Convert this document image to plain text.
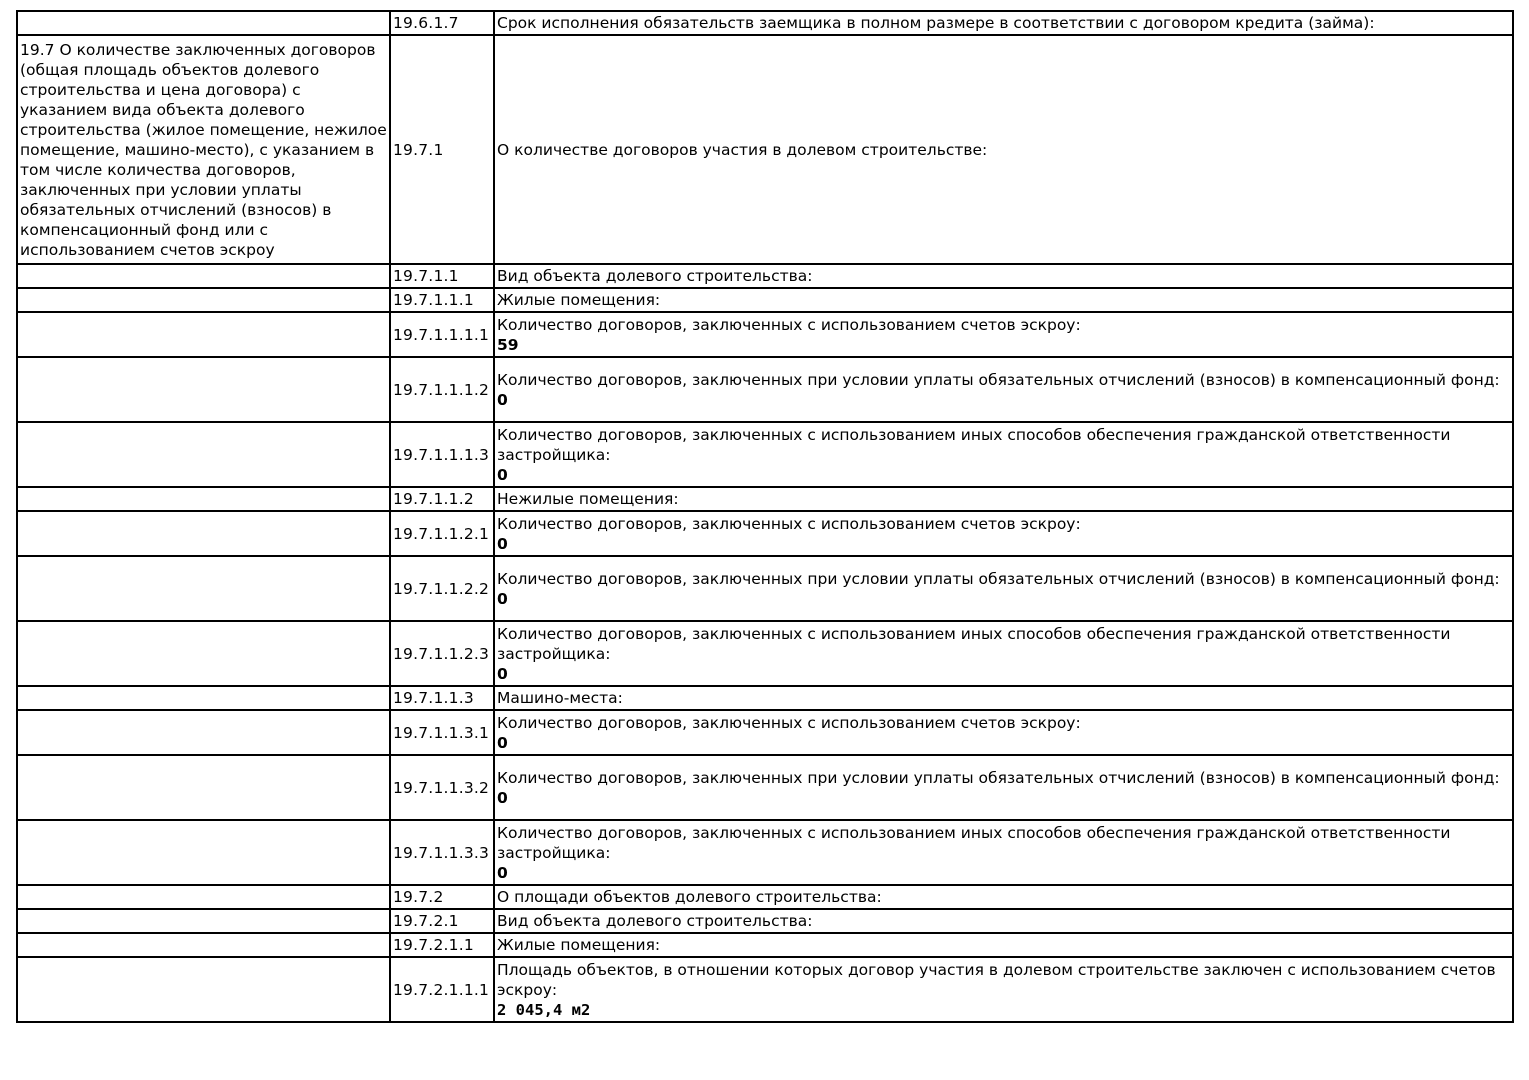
	19.6.1.7	Срок исполнения обязательств заемщика в полном размере в соответствии с договором кредита (займа):
19.7 О количестве заключенных договоров (общая площадь объектов долевого строительства и цена договора) с указанием вида объекта долевого строительства (жилое помещение, нежилое помещение, машино-место), с указанием в том числе количества договоров, заключенных при условии уплаты обязательных отчислений (взносов) в компенсационный фонд или с использованием счетов эскроу	19.7.1	О количестве договоров участия в долевом строительстве:
	19.7.1.1	Вид объекта долевого строительства:
	19.7.1.1.1	Жилые помещения:
	19.7.1.1.1.1	Количество договоров, заключенных с использованием счетов эскроу:
59

	19.7.1.1.1.2	Количество договоров, заключенных при условии уплаты обязательных отчислений (взносов) в компенсационный фонд:
0

	19.7.1.1.1.3	Количество договоров, заключенных с использованием иных способов обеспечения гражданской ответственности застройщика:
0

	19.7.1.1.2	Нежилые помещения:
	19.7.1.1.2.1	Количество договоров, заключенных с использованием счетов эскроу:
0

	19.7.1.1.2.2	Количество договоров, заключенных при условии уплаты обязательных отчислений (взносов) в компенсационный фонд:
0

	19.7.1.1.2.3	Количество договоров, заключенных с использованием иных способов обеспечения гражданской ответственности застройщика:
0

	19.7.1.1.3	Машино-места:
	19.7.1.1.3.1	Количество договоров, заключенных с использованием счетов эскроу:
0

	19.7.1.1.3.2	Количество договоров, заключенных при условии уплаты обязательных отчислений (взносов) в компенсационный фонд:
0

	19.7.1.1.3.3	Количество договоров, заключенных с использованием иных способов обеспечения гражданской ответственности застройщика:
0

	19.7.2	О площади объектов долевого строительства:
	19.7.2.1	Вид объекта долевого строительства:
	19.7.2.1.1	Жилые помещения:
	19.7.2.1.1.1	Площадь объектов, в отношении которых договор участия в долевом строительстве заключен с использованием счетов эскроу:
2 045,4 м2
